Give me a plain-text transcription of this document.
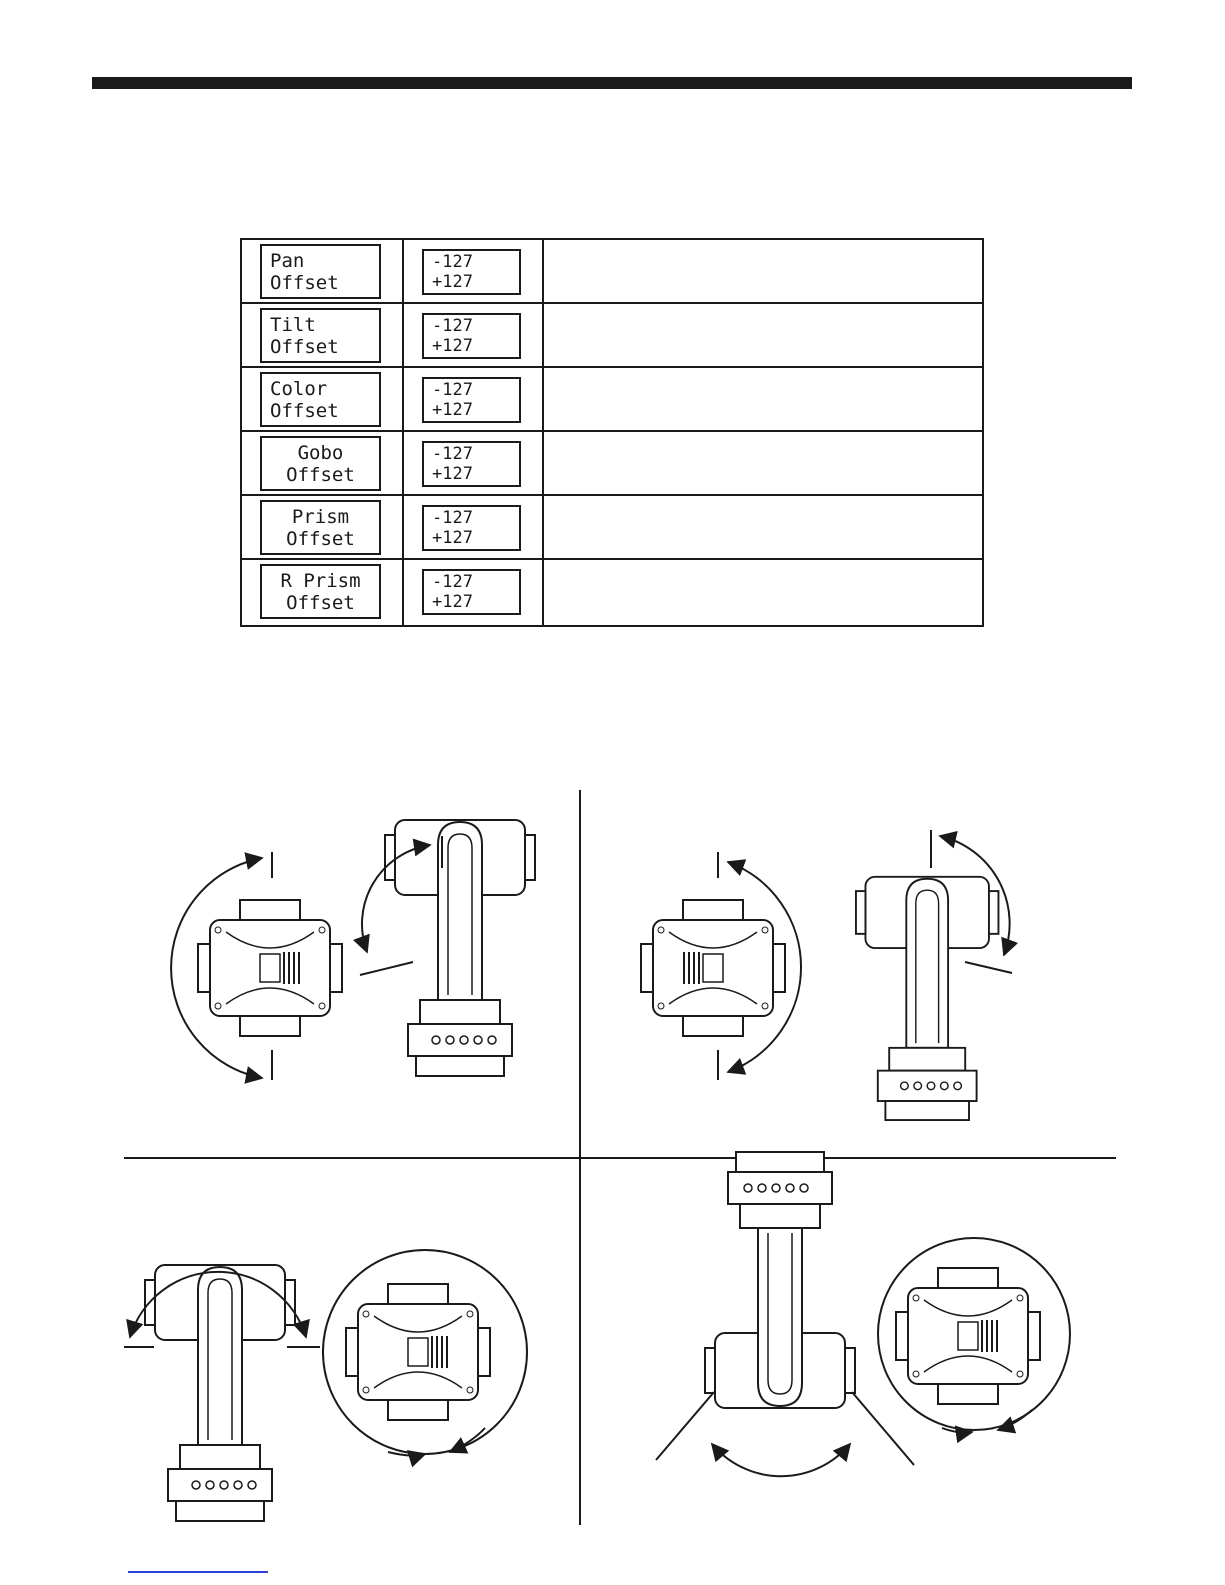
Pan
Offset
-127
+127
Tilt
Offset
-127
+127
Color
Offset
-127
+127
Gobo
Offset
-127
+127
Prism
Offset
-127
+127
R Prism
Offset
-127
+127
